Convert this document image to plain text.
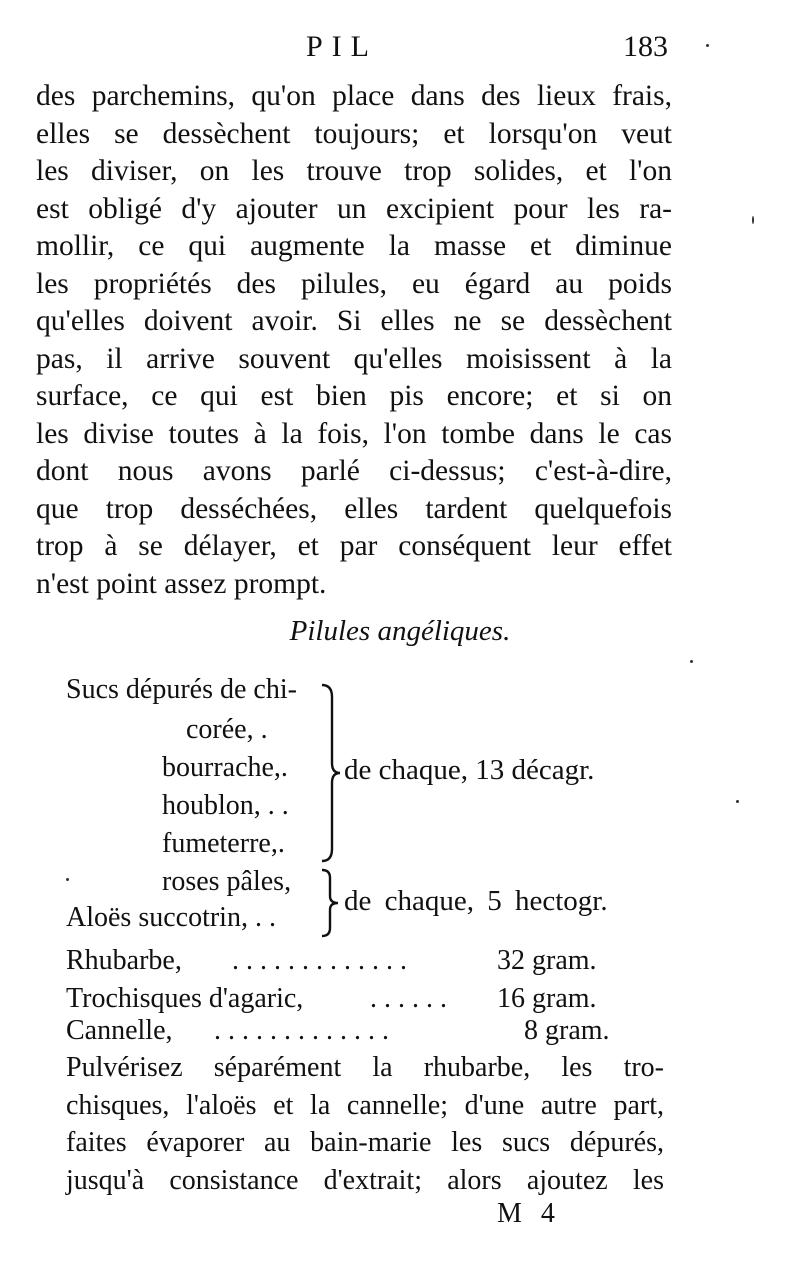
PIL	183
des parchemins, qu'on place dans des lieux frais,
elles se dessèchent toujours; et lorsqu'on veut
les diviser, on les trouve trop solides, et l'on
est obligé d'y ajouter un excipient pour les ra-
mollir, ce qui augmente la masse et diminue
les propriétés des pilules, eu égard au poids
qu'elles doivent avoir. Si elles ne se dessèchent
pas, il arrive souvent qu'elles moisissent à la
surface, ce qui est bien pis encore; et si on
les divise toutes à la fois, l'on tombe dans le cas
dont nous avons parlé ci-dessus; c'est-à-dire,
que trop desséchées, elles tardent quelquefois
trop à se délayer, et par conséquent leur effet
n'est point assez prompt.
Pilules angéliques.
Sucs dépurés de chi-
corée, .
bourrache,.
houblon, . .
fumeterre,.
de chaque, 13 décagr.
roses pâles,
Aloës succotrin, . .
de chaque, 5 hectogr.
Rhubarbe, . . . . . . . . . . . . .	32 gram.
Trochisques d'agaric, . . . . . . 16 gram.
Cannelle, . . . . . . . . . . . . .	8 gram.
Pulvérisez séparément la rhubarbe, les tro-
chisques, l'aloës et la cannelle; d'une autre part,
faites évaporer au bain-marie les sucs dépurés,
jusqu'à consistance d'extrait; alors ajoutez les
M 4
